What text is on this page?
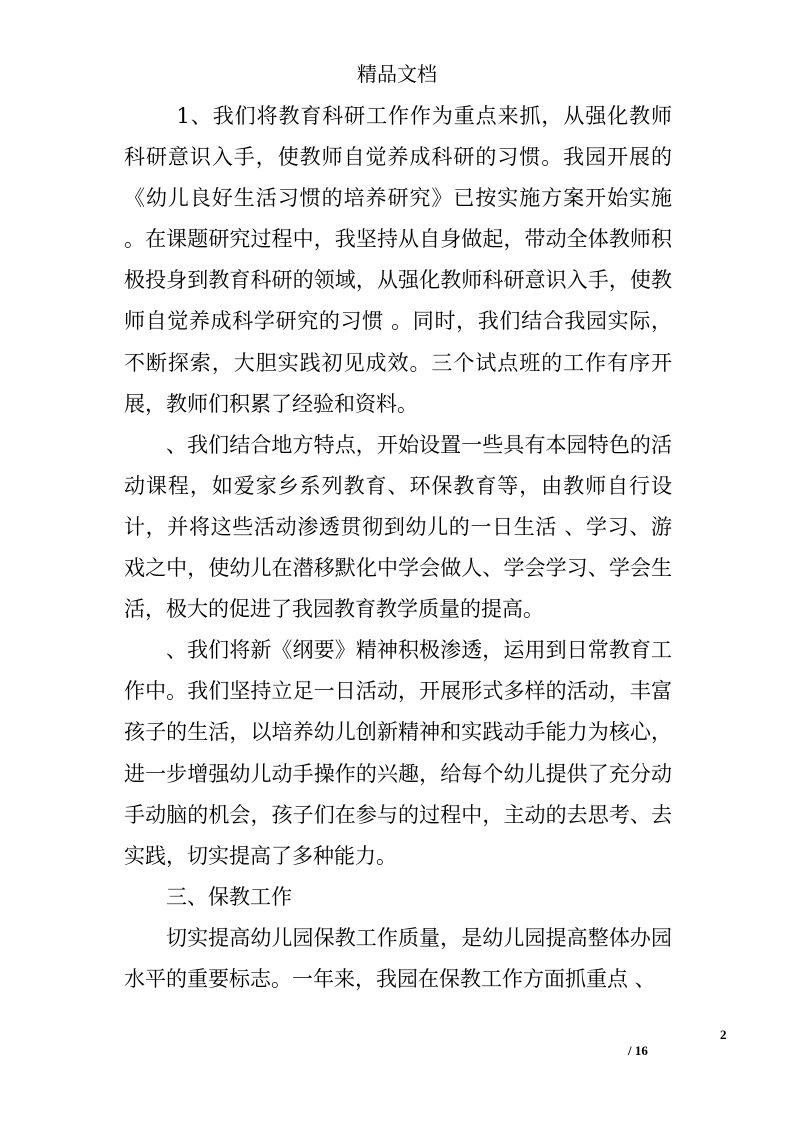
精品文档

1、我们将教育科研工作作为重点来抓，从强化教师科研意识入手，使教师自觉养成科研的习惯。我园开展的《幼儿良好生活习惯的培养研究》已按实施方案开始实施 。在课题研究过程中，我坚持从自身做起，带动全体教师积极投身到教育科研的领域，从强化教师科研意识入手，使教师自觉养成科学研究的习惯 。同时，我们结合我园实际，不断探索，大胆实践初见成效。三个试点班的工作有序开展，教师们积累了经验和资料。

、我们结合地方特点，开始设置一些具有本园特色的活动课程，如爱家乡系列教育、环保教育等，由教师自行设计，并将这些活动渗透贯彻到幼儿的一日生活 、学习、游戏之中，使幼儿在潜移默化中学会做人、学会学习、学会生活，极大的促进了我园教育教学质量的提高。

、我们将新《纲要》精神积极渗透，运用到日常教育工作中。我们坚持立足一日活动，开展形式多样的活动，丰富孩子的生活，以培养幼儿创新精神和实践动手能力为核心，进一步增强幼儿动手操作的兴趣，给每个幼儿提供了充分动手动脑的机会，孩子们在参与的过程中，主动的去思考、去实践，切实提高了多种能力。

三、保教工作

切实提高幼儿园保教工作质量，是幼儿园提高整体办园水平的重要标志。一年来，我园在保教工作方面抓重点 、

2
/ 16
